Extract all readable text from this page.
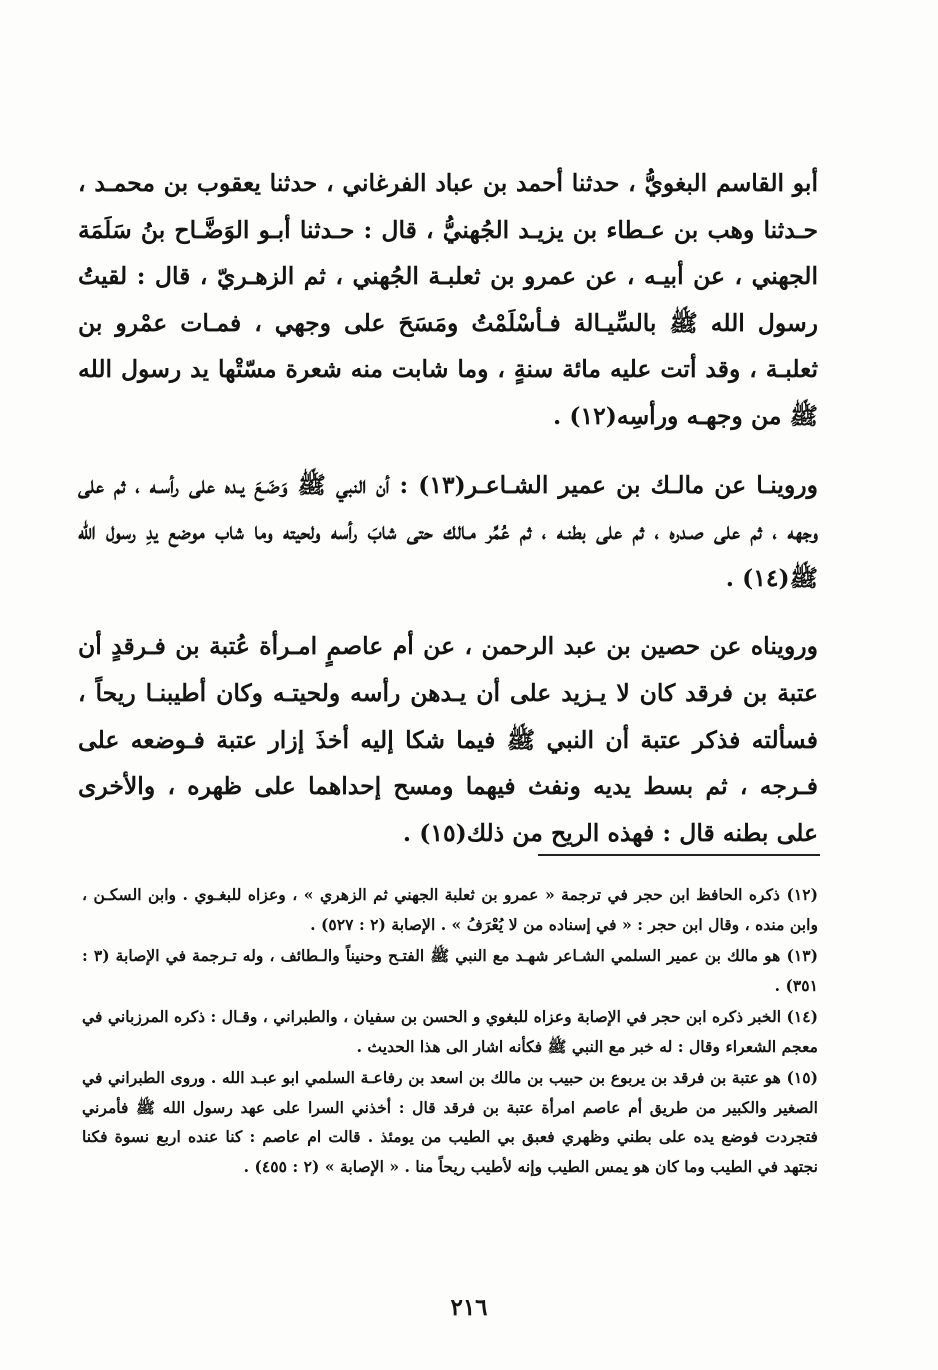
أبو القاسم البغويُّ ، حدثنا أحمد بن عباد الفرغاني ، حدثنا يعقوب بن محمـد ، حـدثنا وهب بن عـطاء بن يزيـد الجُهنيُّ ، قال : حـدثنا أبـو الوَضَّـاح بنُ سَلَمَة الجهني ، عن أبيـه ، عن عمرو بن ثعلبـة الجُهني ، ثم الزهـريّ ، قال : لقيتُ رسول الله ﷺ بالسِّيـالة فـأسْلَمْتُ ومَسَحَ على وجهي ، فمـات عمْرو بن ثعلبـة ، وقد أتت عليه مائة سنةٍ ، وما شابت منه شعرة مسّتْها يد رسول الله ﷺ من وجهـه ورأسِه(١٢) .

وروينـا عن مالـك بن عمير الشـاعـر(١٣) : أن النبي ﷺ وَضَـعَ يـده على رأسـه ، ثم على وجهه ، ثم على صـدره ، ثم على بطنـه ، ثم عُمِّر مـالك حتى شابَ رأسه ولحيته وما شاب موضع يدِ رسول الله ﷺ(١٤) .

ورويناه عن حصين بن عبد الرحمن ، عن أم عاصمٍ امـرأة عُتبة بن فـرقدٍ أن عتبة بن فرقد كان لا يـزيد على أن يـدهن رأسه ولحيتـه وكان أطيبنـا ريحاً ، فسألته فذكر عتبة أن النبي ﷺ فيما شكا إليه أخذَ إزار عتبة فـوضعه على فـرجه ، ثم بسط يديه ونفث فيهما ومسح إحداهما على ظهره ، والأخرى على بطنه قال : فهذه الريح من ذلك(١٥) .

(١٢) ذكره الحافظ ابن حجر في ترجمة « عمرو بن ثعلبة الجهني ثم الزهري » ، وعزاه للبغـوي . وابن السكـن ، وابن منده ، وقال ابن حجر : « في إسناده من لا يُعْرَفُ » . الإصابة (٢ : ٥٢٧) .

(١٣) هو مالك بن عمير السلمي الشـاعر شهـد مع النبي ﷺ الفتـح وحنيناً والـطائف ، وله تـرجمة في الإصابة (٣ : ٣٥١) .

(١٤) الخبر ذكره ابن حجر في الإصابة وعزاه للبغوي و الحسن بن سفيان ، والطبراني ، وقـال : ذكره المرزباني في معجم الشعراء وقال : له خبر مع النبي ﷺ فكأنه اشار الى هذا الحديث .

(١٥) هو عتبة بن فرقد بن يربوع بن حبيب بن مالك بن اسعد بن رفاعـة السلمي ابو عبـد الله . وروى الطبراني في الصغير والكبير من طريق أم عاصم امرأة عتبة بن فرقد قال : أخذني السرا على عهد رسول الله ﷺ فأمرني فتجردت فوضع يده على بطني وظهري فعبق بي الطيب من يومئذ . قالت ام عاصم : كنا عنده اربع نسوة فكنا نجتهد في الطيب وما كان هو يمس الطيب وإنه لأطيب ريحاً منا . « الإصابة » (٢ : ٤٥٥) .

٢١٦
